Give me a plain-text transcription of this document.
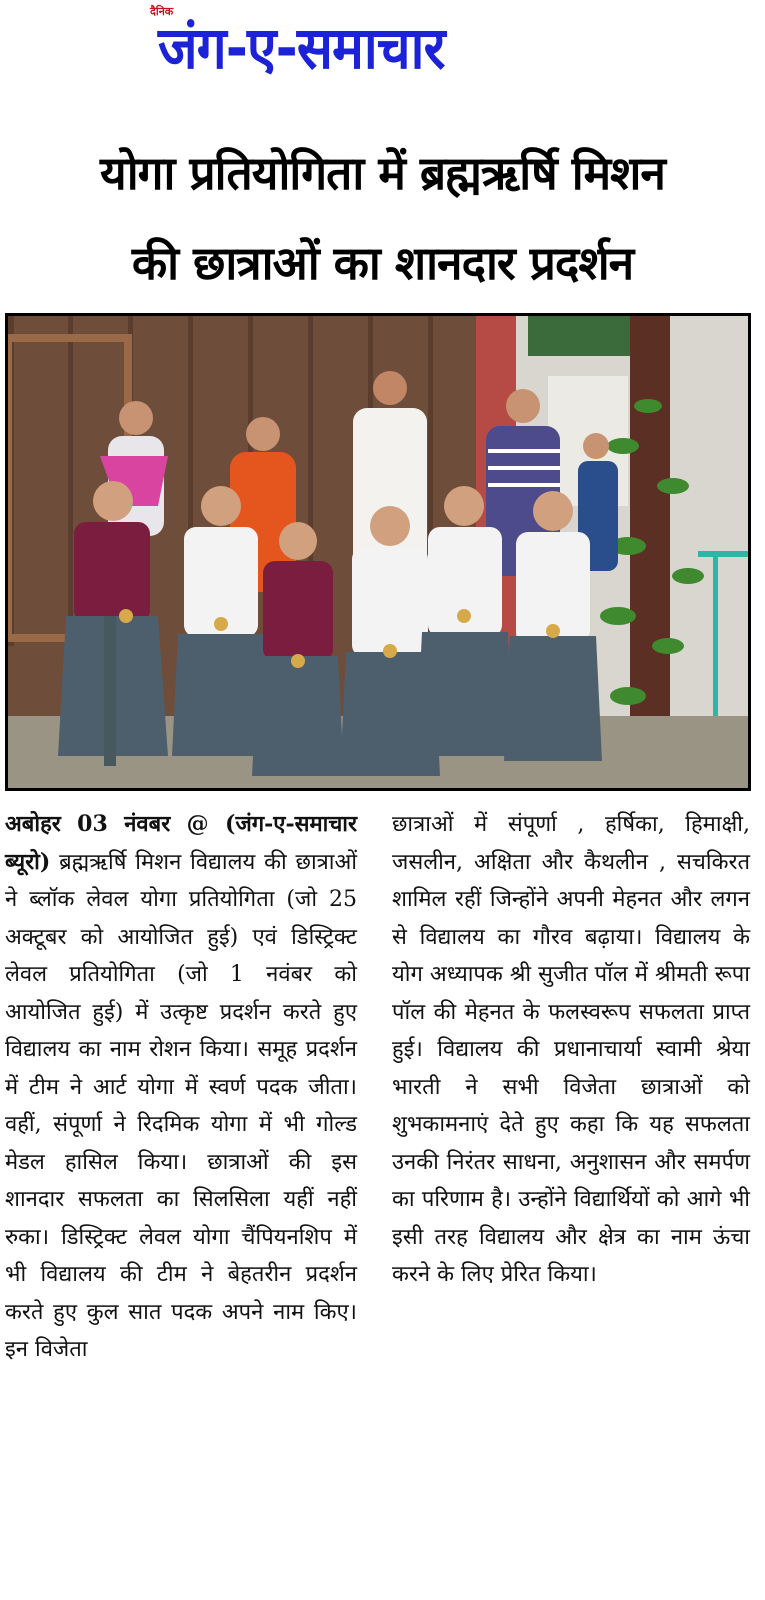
दैनिक
जंग-ए-समाचार
योगा प्रतियोगिता में ब्रह्मऋर्षि मिशन
की छात्राओं का शानदार प्रदर्शन

अबोहर 03 नंवबर @ (जंग-ए-समाचार ब्यूरो) ब्रह्मऋर्षि मिशन विद्यालय की छात्राओं ने ब्लॉक लेवल योगा प्रतियोगिता (जो 25 अक्टूबर को आयोजित हुई) एवं डिस्ट्रिक्ट लेवल प्रतियोगिता (जो 1 नवंबर को आयोजित हुई) में उत्कृष्ट प्रदर्शन करते हुए विद्यालय का नाम रोशन किया। समूह प्रदर्शन में टीम ने आर्ट योगा में स्वर्ण पदक जीता। वहीं, संपूर्णा ने रिदमिक योगा में भी गोल्ड मेडल हासिल किया। छात्राओं की इस शानदार सफलता का सिलसिला यहीं नहीं रुका। डिस्ट्रिक्ट लेवल योगा चैंपियनशिप में भी विद्यालय की टीम ने बेहतरीन प्रदर्शन करते हुए कुल सात पदक अपने नाम किए। इन विजेता

छात्राओं में संपूर्णा , हर्षिका, हिमाक्षी, जसलीन, अक्षिता और कैथलीन , सचकिरत शामिल रहीं जिन्होंने अपनी मेहनत और लगन से विद्यालय का गौरव बढ़ाया। विद्यालय के योग अध्यापक श्री सुजीत पॉल में श्रीमती रूपा पॉल की मेहनत के फलस्वरूप सफलता प्राप्त हुई। विद्यालय की प्रधानाचार्या स्वामी श्रेया भारती ने सभी विजेता छात्राओं को शुभकामनाएं देते हुए कहा कि यह सफलता उनकी निरंतर साधना, अनुशासन और समर्पण का परिणाम है। उन्होंने विद्यार्थियों को आगे भी इसी तरह विद्यालय और क्षेत्र का नाम ऊंचा करने के लिए प्रेरित किया।
